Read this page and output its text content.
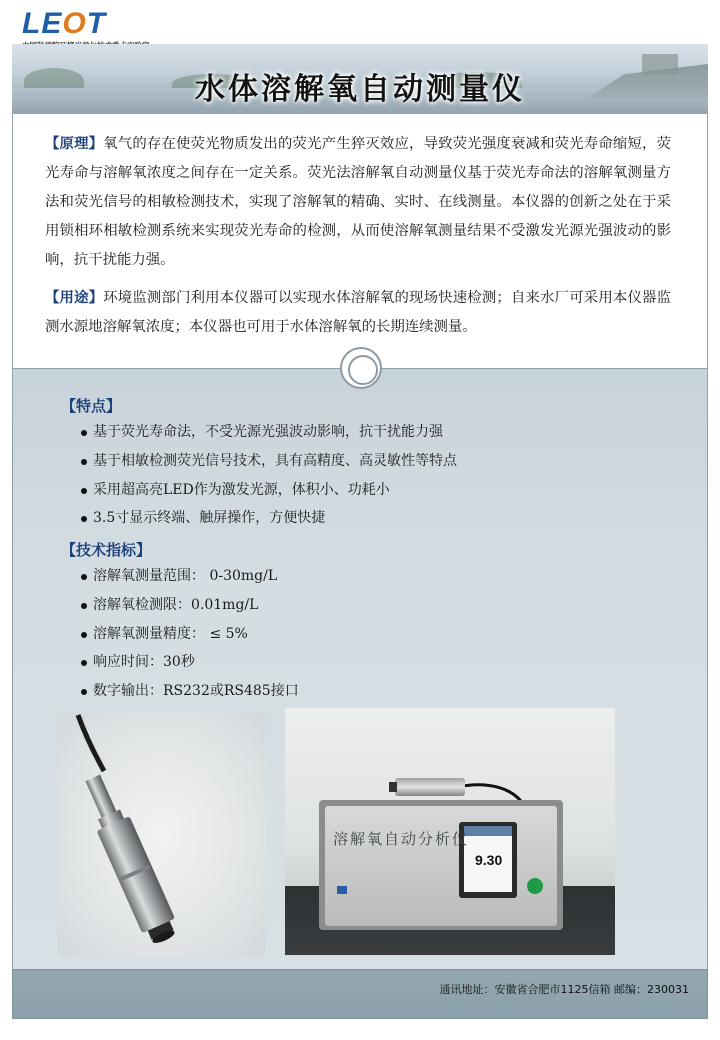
LEOT
水体溶解氧自动测量仪

【原理】氧气的存在使荧光物质发出的荧光产生猝灭效应，导致荧光强度衰减和荧光寿命缩短，荧光寿命与溶解氧浓度之间存在一定关系。荧光法溶解氧自动测量仪基于荧光寿命法的溶解氧测量方法和荧光信号的相敏检测技术，实现了溶解氧的精确、实时、在线测量。本仪器的创新之处在于采用锁相环相敏检测系统来实现荧光寿命的检测，从而使溶解氧测量结果不受激发光源光强波动的影响，抗干扰能力强。

【用途】环境监测部门利用本仪器可以实现水体溶解氧的现场快速检测；自来水厂可采用本仪器监测水源地溶解氧浓度；本仪器也可用于水体溶解氧的长期连续测量。

【特点】
基于荧光寿命法，不受光源光强波动影响，抗干扰能力强
基于相敏检测荧光信号技术，具有高精度、高灵敏性等特点
采用超高亮LED作为激发光源，体积小、功耗小
3.5寸显示终端、触屏操作，方便快捷
【技术指标】
溶解氧测量范围： 0-30mg/L
溶解氧检测限：0.01mg/L
溶解氧测量精度： ≤ 5%
响应时间：30秒
数字输出：RS232或RS485接口
溶解氧自动分析仪
9.30
通讯地址：安徽省合肥市1125信箱 邮编：230031
